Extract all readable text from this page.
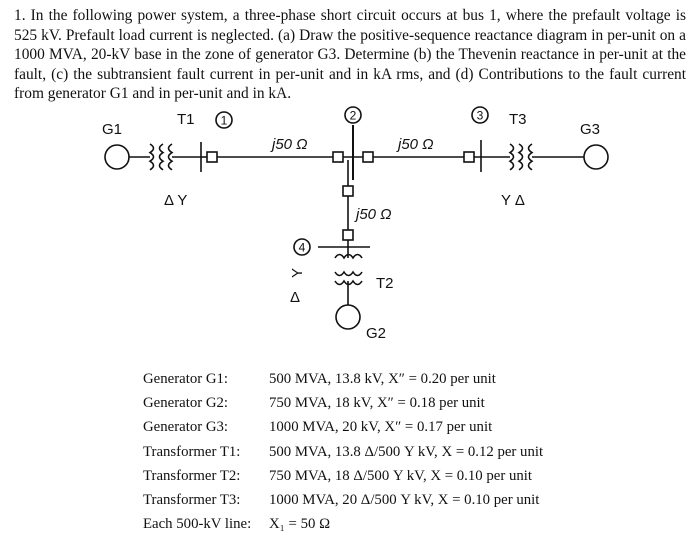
1. In the following power system, a three-phase short circuit occurs at bus 1, where the prefault voltage is 525 kV. Prefault load current is neglected. (a) Draw the positive-sequence reactance diagram in per-unit on a 1000 MVA, 20-kV base in the zone of generator G3. Determine (b) the Thevenin reactance in per-unit at the fault, (c) the subtransient fault current in per-unit and in kA rms, and (d) Contributions to the fault current from generator G1 and in per-unit and in kA.
G1
T1 1	2	3
4
T3
G3
j50 Ω	j50 Ω
j50 Ω
Δ Y	Y Δ
T2
G2
Y
Δ
Generator G1:	500 MVA, 13.8 kV, X″ = 0.20 per unit
Generator G2:	750 MVA, 18 kV, X″ = 0.18 per unit
Generator G3:	1000 MVA, 20 kV, X″ = 0.17 per unit
Transformer T1:	500 MVA, 13.8 Δ/500 Y kV, X = 0.12 per unit
Transformer T2:	750 MVA, 18 Δ/500 Y kV, X = 0.10 per unit
Transformer T3:	1000 MVA, 20 Δ/500 Y kV, X = 0.10 per unit
Each 500-kV line:	X₁ = 50 Ω
